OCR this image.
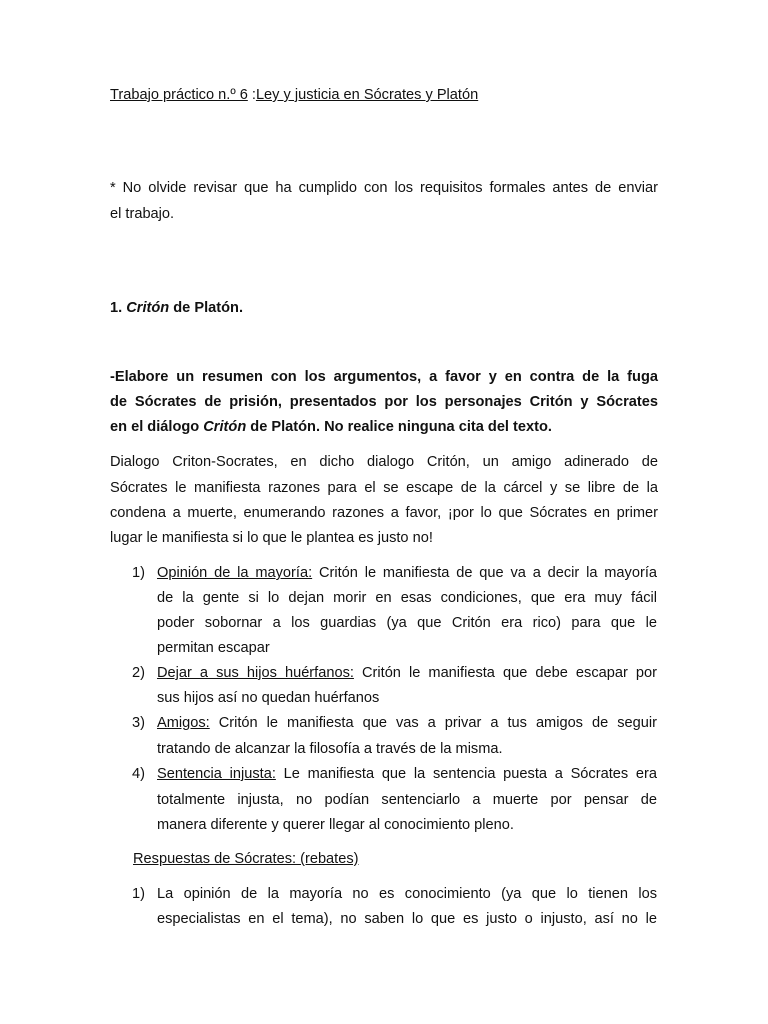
Trabajo práctico n.º 6 :Ley y justicia en Sócrates y Platón
* No olvide revisar que ha cumplido con los requisitos formales antes de enviar
el trabajo.
1. Critón de Platón.
-Elabore un resumen con los argumentos, a favor y en contra de la fuga
de Sócrates de prisión, presentados por los personajes Critón y Sócrates
en el diálogo Critón de Platón. No realice ninguna cita del texto.
Dialogo Criton-Socrates, en dicho dialogo Critón, un amigo adinerado de
Sócrates le manifiesta razones para el se escape de la cárcel y se libre de la
condena a muerte, enumerando razones a favor, ¡por lo que Sócrates en primer
lugar le manifiesta si lo que le plantea es justo no!
1) Opinión de la mayoría: Critón le manifiesta de que va a decir la mayoría
de la gente si lo dejan morir en esas condiciones, que era muy fácil
poder sobornar a los guardias (ya que Critón era rico) para que le
permitan escapar
2) Dejar a sus hijos huérfanos: Critón le manifiesta que debe escapar por
sus hijos así no quedan huérfanos
3) Amigos: Critón le manifiesta que vas a privar a tus amigos de seguir
tratando de alcanzar la filosofía a través de la misma.
4) Sentencia injusta: Le manifiesta que la sentencia puesta a Sócrates era
totalmente injusta, no podían sentenciarlo a muerte por pensar de
manera diferente y querer llegar al conocimiento pleno.
Respuestas de Sócrates: (rebates)
1) La opinión de la mayoría no es conocimiento (ya que lo tienen los
especialistas en el tema), no saben lo que es justo o injusto, así no le
